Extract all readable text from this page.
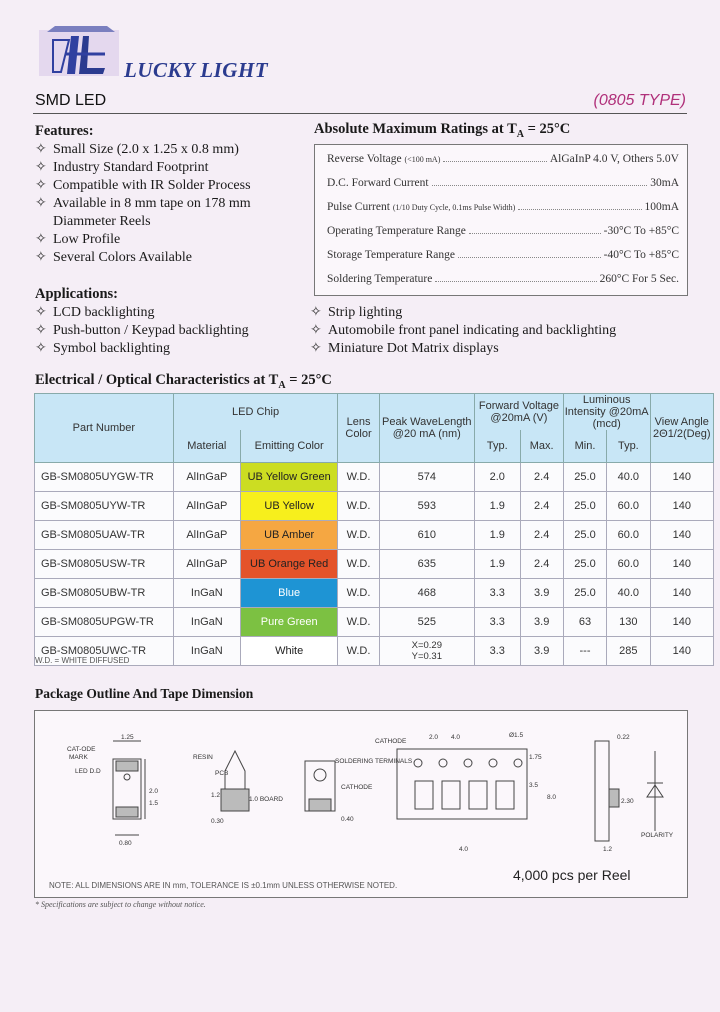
LUCKY LIGHT
SMD LED	(0805 TYPE)
Features:
✧ Small Size (2.0 x 1.25 x 0.8 mm)
✧ Industry Standard Footprint
✧ Compatible with IR Solder Process
✧ Available in 8 mm tape on 178 mm
Diammeter Reels
✧ Low Profile
✧ Several Colors Available
Absolute Maximum Ratings at $T_A = 25^\circ C$
Reverse Voltage (<100 mA)	AlGaInP 4.0 V, Others 5.0V
D.C. Forward Current	30mA
Pulse Current (1/10 Duty Cycle, 0.1ms Pulse Width)	100mA
Operating Temperature Range	-30°C To +85°C
Storage Temperature Range	-40°C To +85°C
Soldering Temperature	260°C For 5 Sec.
Applications:
✧ LCD backlighting
✧ Push-button / Keypad backlighting
✧ Symbol backlighting
✧ Strip lighting
✧ Automobile front panel indicating and backlighting
✧ Miniature Dot Matrix displays
Electrical / Optical Characteristics at $T_A = 25^\circ C$
Part Number	LED Chip		Lens Color	Peak WaveLength @20 mA (nm)	Forward Voltage @20mA (V)		Luminous Intensity @20mA (mcd)		View Angle 2Θ1/2(Deg)
	Material	Emitting Color			Typ.	Max.	Min.	Typ.	
GB-SM0805UYGW-TR	AlInGaP	UB Yellow Green	W.D.	574	2.0	2.4	25.0	40.0	140
GB-SM0805UYW-TR	AlInGaP	UB Yellow	W.D.	593	1.9	2.4	25.0	60.0	140
GB-SM0805UAW-TR	AlInGaP	UB Amber	W.D.	610	1.9	2.4	25.0	60.0	140
GB-SM0805USW-TR	AlInGaP	UB Orange Red	W.D.	635	1.9	2.4	25.0	60.0	140
GB-SM0805UBW-TR	InGaN	Blue	W.D.	468	3.3	3.9	25.0	40.0	140
GB-SM0805UPGW-TR	InGaN	Pure Green	W.D.	525	3.3	3.9	63	130	140
GB-SM0805UWC-TR	InGaN	White	W.D.	X=0.29
Y=0.31	3.3	3.9	---	285	140
W.D. = WHITE DIFFUSED
Package Outline And Tape Dimension
1.25
CAT-ODE
MARK
LED D.D
2.0
1.5
0.80
RESIN
PCB
1.2
0.30
1.0 BOARD
SOLDERING TERMINALS
CATHODE
0.40
CATHODE
2.0 4.0	Ø1.5
1.75
3.5
8.0
4.0
0.22
2.30
POLARITY
1.2
NOTE: ALL DIMENSIONS ARE IN mm, TOLERANCE IS ±0.1mm UNLESS OTHERWISE NOTED.
4,000 pcs per Reel
* Specifications are subject to change without notice.
